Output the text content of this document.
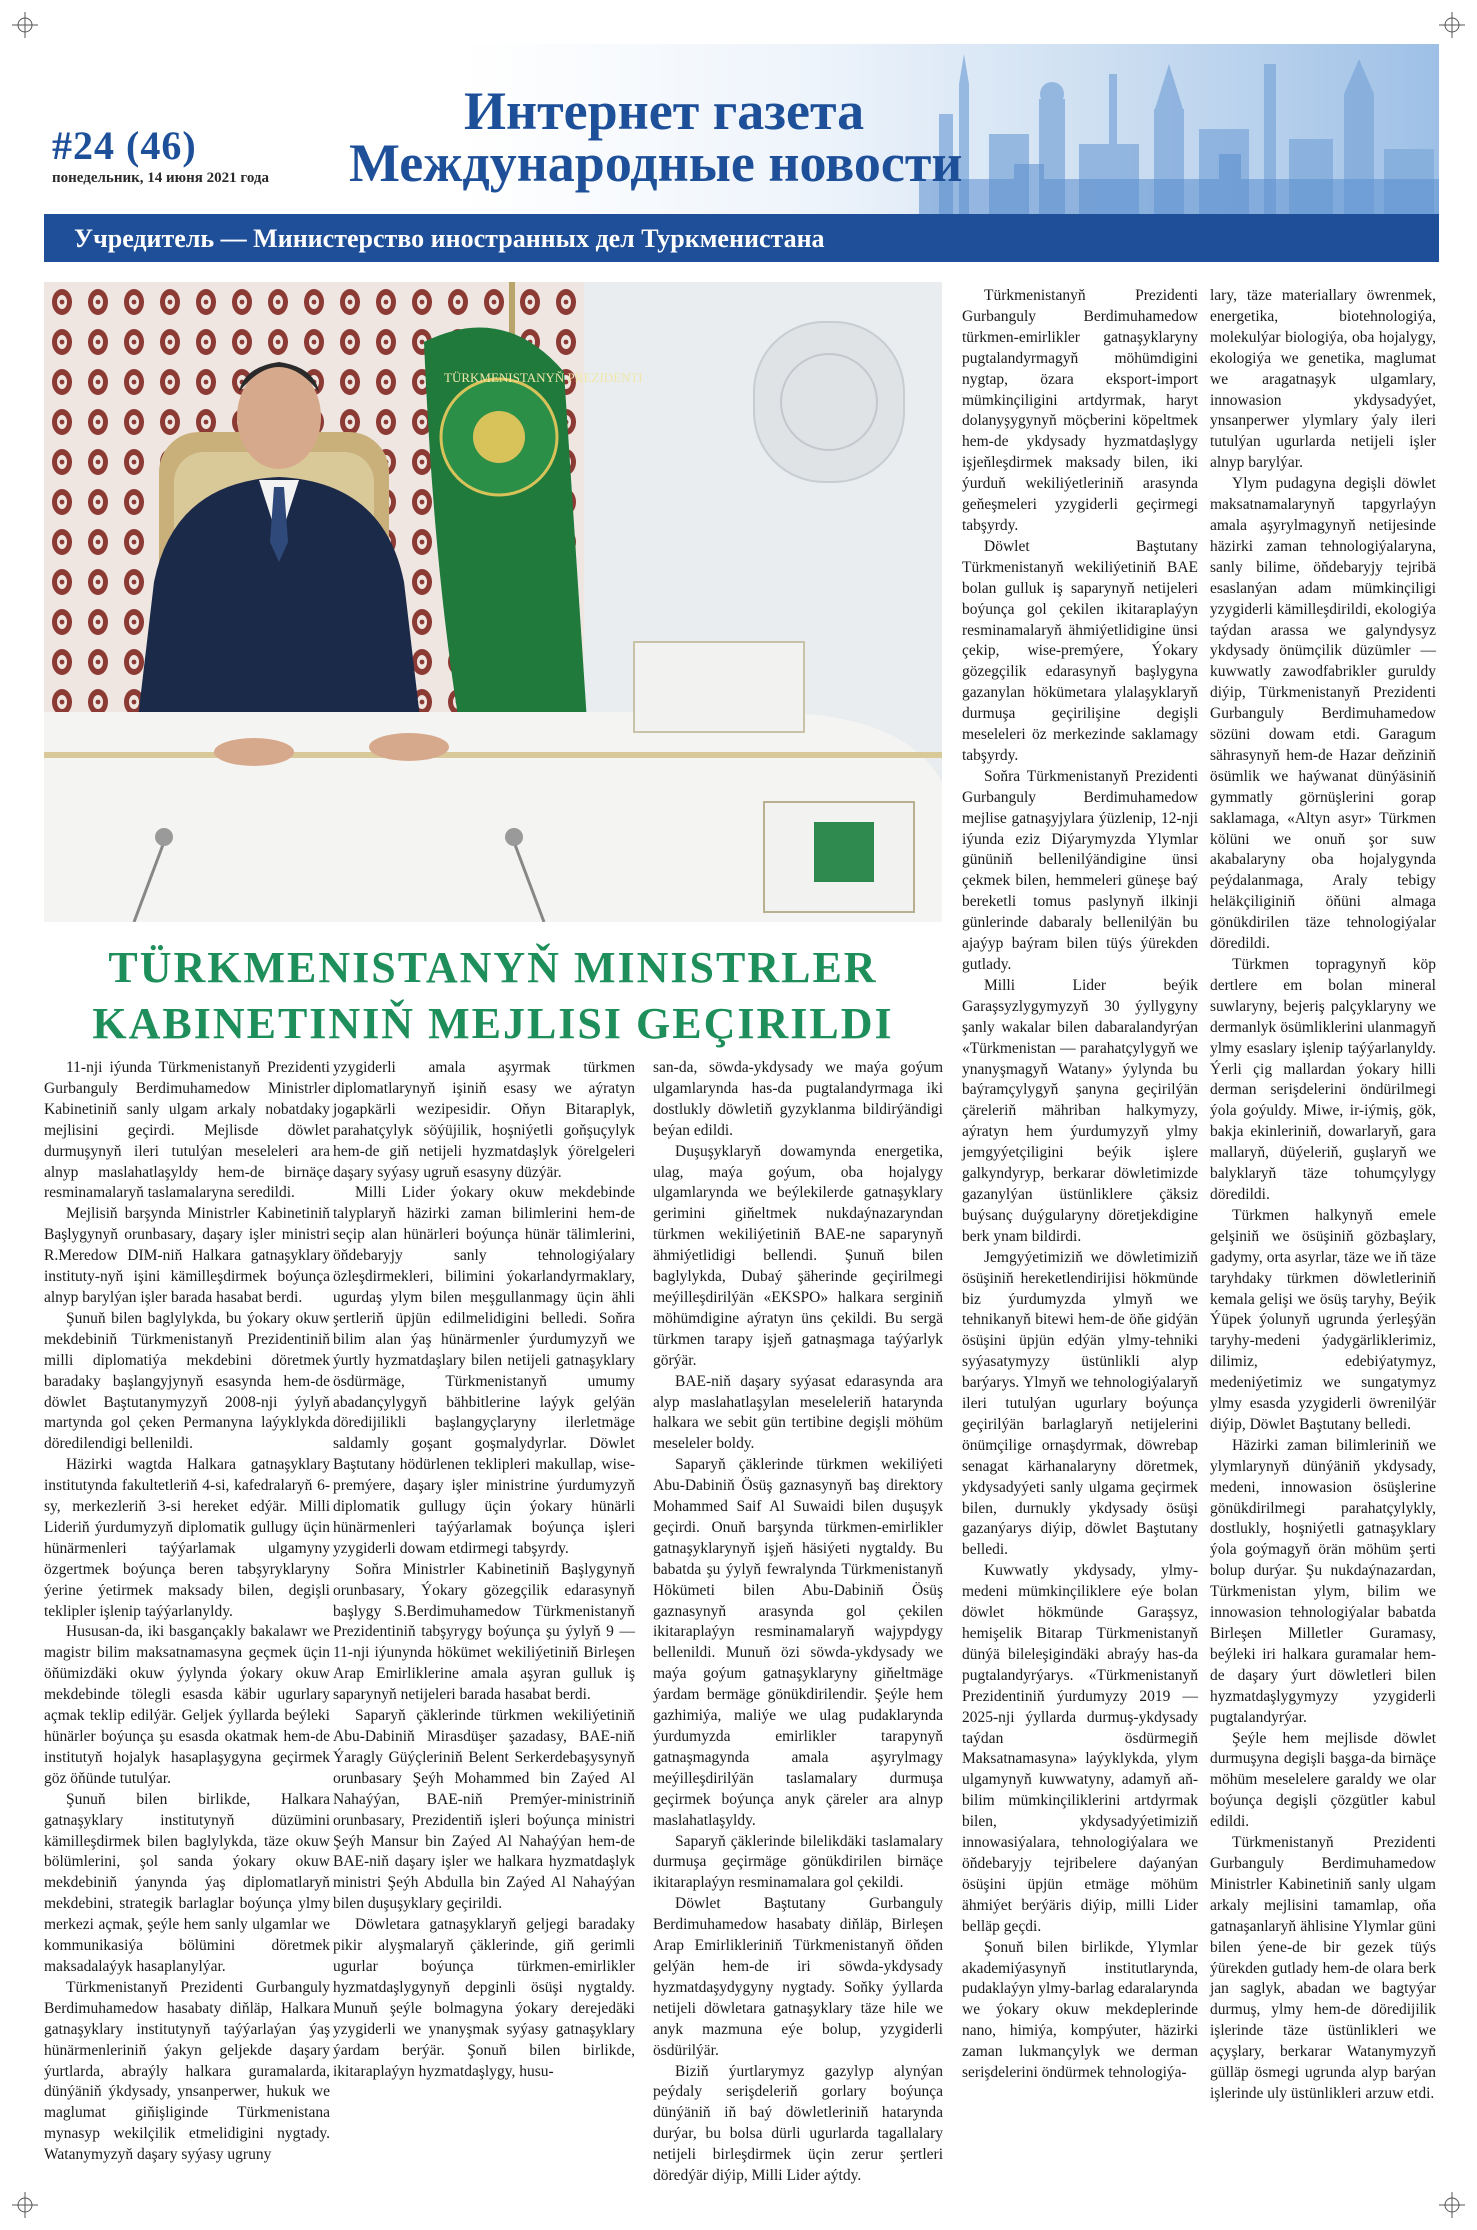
#24 (46)
понедельник, 14 июня 2021 года
Интернет газета
Международные новости
Учредитель — Министерство иностранных дел Туркменистана
TÜRKMENISTANYŇ PREZIDENTI
TÜRKMENISTANYŇ MINISTRLER
KABINETINIŇ MEJLISI GEÇIRILDI

11-nji iýunda Türkmenistanyň Prezidenti Gurbanguly Berdimuhamedow Ministrler Kabinetiniň sanly ulgam arkaly nobatdaky mejlisini geçirdi. Mejlisde döwlet durmuşynyň ileri tutulýan meseleleri ara alnyp maslahatlaşyldy hem-de birnäçe resminamalaryň taslamalaryna seredildi.

Mejlisiň barşynda Ministrler Kabinetiniň Başlygynyň orunbasary, daşary işler ministri R.Meredow DIM-niň Halkara gatnaşyklary instituty-nyň işini kämilleşdirmek boýunça alnyp barylýan işler barada hasabat berdi.

Şunuň bilen baglylykda, bu ýokary okuw mekdebiniň Türkmenistanyň Prezidentiniň milli diplomatiýa mekdebini döretmek baradaky başlangyjynyň esasynda hem-de döwlet Baştutanymyzyň 2008-nji ýylyň martynda gol çeken Permanyna laýyklykda döredilendigi bellenildi.

Häzirki wagtda Halkara gatnaşyklary institutynda fakultetleriň 4-si, kafedralaryň 6-sy, merkezleriň 3-si hereket edýär. Milli Lideriň ýurdumyzyň diplomatik gullugy üçin hünärmenleri taýýarlamak ulgamyny özgertmek boýunça beren tabşyryklaryny ýerine ýetirmek maksady bilen, degişli teklipler işlenip taýýarlanyldy.

Hususan-da, iki basgançakly bakalawr we magistr bilim maksatnamasyna geçmek üçin öňümizdäki okuw ýylynda ýokary okuw mekdebinde tölegli esasda käbir ugurlary açmak teklip edilýär. Geljek ýyllarda beýleki hünärler boýunça şu esasda okatmak hem-de institutyň hojalyk hasaplaşygyna geçirmek göz öňünde tutulýar.

Şunuň bilen birlikde, Halkara gatnaşyklary institutynyň düzümini kämilleşdirmek bilen baglylykda, täze okuw bölümlerini, şol sanda ýokary okuw mekdebiniň ýanynda ýaş diplomatlaryň mekdebini, strategik barlaglar boýunça ylmy merkezi açmak, şeýle hem sanly ulgamlar we kommunikasiýa bölümini döretmek maksadalaýyk hasaplanylýar.

Türkmenistanyň Prezidenti Gurbanguly Berdimuhamedow hasabaty diňläp, Halkara gatnaşyklary institutynyň taýýarlaýan ýaş hünärmenleriniň ýakyn geljekde daşary ýurtlarda, abraýly halkara guramalarda, dünýäniň ýkdysady, ynsanperwer, hukuk we maglumat giňişliginde Türkmenistana mynasyp wekilçilik etmelidigini nygtady. Watanymyzyň daşary syýasy ugruny

yzygiderli amala aşyrmak türkmen diplomatlarynyň işiniň esasy we aýratyn jogapkärli wezipesidir. Oňyn Bitaraplyk, parahatçylyk söýüjilik, hoşniýetli goňşuçylyk hem-de giň netijeli hyzmatdaşlyk ýörelgeleri daşary syýasy ugruň esasyny düzýär.

Milli Lider ýokary okuw mekdebinde talyplaryň häzirki zaman bilimlerini hem-de seçip alan hünärleri boýunça hünär tälimlerini, öňdebaryjy sanly tehnologiýalary özleşdirmekleri, bilimini ýokarlandyrmaklary, ugurdaş ylym bilen meşgullanmagy üçin ähli şertleriň üpjün edilmelidigini belledi. Soňra bilim alan ýaş hünärmenler ýurdumyzyň we ýurtly hyzmatdaşlary bilen netijeli gatnaşyklary ösdürmäge, Türkmenistanyň umumy abadançylygyň bähbitlerine laýyk gelýän döredijilikli başlangyçlaryny ilerletmäge saldamly goşant goşmalydyrlar. Döwlet Baştutany hödürlenen teklipleri makullap, wise-premýere, daşary işler ministrine ýurdumyzyň diplomatik gullugy üçin ýokary hünärli hünärmenleri taýýarlamak boýunça işleri yzygiderli dowam etdirmegi tabşyrdy.

Soňra Ministrler Kabinetiniň Başlygynyň orunbasary, Ýokary gözegçilik edarasynyň başlygy S.Berdimuhamedow Türkmenistanyň Prezidentiniň tabşyrygy boýunça şu ýylyň 9 — 11-nji iýunynda hökümet wekiliýetiniň Birleşen Arap Emirliklerine amala aşyran gulluk iş saparynyň netijeleri barada hasabat berdi.

Saparyň çäklerinde türkmen wekiliýetiniň Abu-Dabiniň Mirasdüşer şazadasy, BAE-niň Ýaragly Güýçleriniň Belent Serkerdebaşysynyň orunbasary Şeýh Mohammed bin Zaýed Al Nahaýýan, BAE-niň Premýer-ministriniň orunbasary, Prezidentiň işleri boýunça ministri Şeýh Mansur bin Zaýed Al Nahaýýan hem-de BAE-niň daşary işler we halkara hyzmatdaşlyk ministri Şeýh Abdulla bin Zaýed Al Nahaýýan bilen duşuşyklary geçirildi.

Döwletara gatnaşyklaryň geljegi baradaky pikir alyşmalaryň çäklerinde, giň gerimli ugurlar boýunça türkmen-emirlikler hyzmatdaşlygynyň depginli ösüşi nygtaldy. Munuň şeýle bolmagyna ýokary derejedäki yzygiderli we ynanyşmak syýasy gatnaşyklary ýardam berýär. Şonuň bilen birlikde, ikitaraplaýyn hyzmatdaşlygy, husu-

san-da, söwda-ykdysady we maýa goýum ulgamlarynda has-da pugtalandyrmaga iki dostlukly döwletiň gyzyklanma bildirýändigi beýan edildi.

Duşuşyklaryň dowamynda energetika, ulag, maýa goýum, oba hojalygy ulgamlarynda we beýlekilerde gatnaşyklary gerimini giňeltmek nukdaýnazaryndan türkmen wekiliýetiniň BAE-ne saparynyň ähmiýetlidigi bellendi. Şunuň bilen baglylykda, Dubaý şäherinde geçirilmegi meýilleşdirilýän «EKSPO» halkara serginiň möhümdigine aýratyn üns çekildi. Bu sergä türkmen tarapy işjeň gatnaşmaga taýýarlyk görýär.

BAE-niň daşary syýasat edarasynda ara alyp maslahatlaşylan meseleleriň hatarynda halkara we sebit gün tertibine degişli möhüm meseleler boldy.

Saparyň çäklerinde türkmen wekiliýeti Abu-Dabiniň Ösüş gaznasynyň baş direktory Mohammed Saif Al Suwaidi bilen duşuşyk geçirdi. Onuň barşynda türkmen-emirlikler gatnaşyklarynyň işjeň häsiýeti nygtaldy. Bu babatda şu ýylyň fewralynda Türkmenistanyň Hökümeti bilen Abu-Dabiniň Ösüş gaznasynyň arasynda gol çekilen ikitaraplaýyn resminamalaryň wajypdygy bellenildi. Munuň özi söwda-ykdysady we maýa goýum gatnaşyklaryny giňeltmäge ýardam bermäge gönükdirilendir. Şeýle hem gazhimiýa, maliýe we ulag pudaklarynda ýurdumyzda emirlikler tarapynyň gatnaşmagynda amala aşyrylmagy meýilleşdirilýän taslamalary durmuşa geçirmek boýunça anyk çäreler ara alnyp maslahatlaşyldy.

Saparyň çäklerinde bilelikdäki taslamalary durmuşa geçirmäge gönükdirilen birnäçe ikitaraplaýyn resminamalara gol çekildi.

Döwlet Baştutany Gurbanguly Berdimuhamedow hasabaty diňläp, Birleşen Arap Emirlikleriniň Türkmenistanyň öňden gelýän hem-de iri söwda-ykdysady hyzmatdaşydygyny nygtady. Soňky ýyllarda netijeli döwletara gatnaşyklary täze hile we anyk mazmuna eýe bolup, yzygiderli ösdürilýär.

Biziň ýurtlarymyz gazylyp alynýan peýdaly serişdeleriň gorlary boýunça dünýäniň iň baý döwletleriniň hatarynda durýar, bu bolsa dürli ugurlarda tagallalary netijeli birleşdirmek üçin zerur şertleri döredýär diýip, Milli Lider aýtdy.

Türkmenistanyň Prezidenti Gurbanguly Berdimuhamedow türkmen-emirlikler gatnaşyklaryny pugtalandyrmagyň möhümdigini nygtap, özara eksport-import mümkinçiligini artdyrmak, haryt dolanyşygynyň möçberini köpeltmek hem-de ykdysady hyzmatdaşlygy işjeňleşdirmek maksady bilen, iki ýurduň wekiliýetleriniň arasynda geňeşmeleri yzygiderli geçirmegi tabşyrdy.

Döwlet Baştutany Türkmenistanyň wekiliýetiniň BAE bolan gulluk iş saparynyň netijeleri boýunça gol çekilen ikitaraplaýyn resminamalaryň ähmiýetlidigine ünsi çekip, wise-premýere, Ýokary gözegçilik edarasynyň başlygyna gazanylan hökümetara ylalaşyklaryň durmuşa geçirilişine degişli meseleleri öz merkezinde saklamagy tabşyrdy.

Soňra Türkmenistanyň Prezidenti Gurbanguly Berdimuhamedow mejlise gatnaşyjylara ýüzlenip, 12-nji iýunda eziz Diýarymyzda Ylymlar gününiň bellenilýändigine ünsi çekmek bilen, hemmeleri güneşe baý bereketli tomus paslynyň ilkinji günlerinde dabaraly bellenilýän bu ajaýyp baýram bilen tüýs ýürekden gutlady.

Milli Lider beýik Garaşsyzlygymyzyň 30 ýyllygyny şanly wakalar bilen dabaralandyrýan «Türkmenistan — parahatçylygyň we ynanyşmagyň Watany» ýylynda bu baýramçylygyň şanyna geçirilýän çäreleriň mähriban halkymyzy, aýratyn hem ýurdumyzyň ylmy jemgyýetçiligini beýik işlere galkyndyryp, berkarar döwletimizde gazanylýan üstünliklere çäksiz buýsanç duýgularyny döretjekdigine berk ynam bildirdi.

Jemgyýetimiziň we döwletimiziň ösüşiniň hereketlendirijisi hökmünde biz ýurdumyzda ylmyň we tehnikanyň bitewi hem-de öňe gidýän ösüşini üpjün edýän ylmy-tehniki syýasatymyzy üstünlikli alyp barýarys. Ylmyň we tehnologiýalaryň ileri tutulýan ugurlary boýunça geçirilýän barlaglaryň netijelerini önümçilige ornaşdyrmak, döwrebap senagat kärhanalaryny döretmek, ykdysadyýeti sanly ulgama geçirmek bilen, durnukly ykdysady ösüşi gazanýarys diýip, döwlet Baştutany belledi.

Kuwwatly ykdysady, ylmy-medeni mümkinçiliklere eýe bolan döwlet hökmünde Garaşsyz, hemişelik Bitarap Türkmenistanyň dünýä bileleşigindäki abraýy has-da pugtalandyrýarys. «Türkmenistanyň Prezidentiniň ýurdumyzy 2019 — 2025-nji ýyllarda durmuş-ykdysady taýdan ösdürmegiň Maksatnamasyna» laýyklykda, ylym ulgamynyň kuwwatyny, adamyň aň-bilim mümkinçiliklerini artdyrmak bilen, ykdysadyýetimiziň innowasiýalara, tehnologiýalara we öňdebaryjy tejribelere daýanýan ösüşini üpjün etmäge möhüm ähmiýet berýäris diýip, milli Lider belläp geçdi.

Şonuň bilen birlikde, Ylymlar akademiýasynyň institutlarynda, pudaklaýyn ylmy-barlag edaralarynda we ýokary okuw mekdeplerinde nano, himiýa, kompýuter, häzirki zaman lukmançylyk we derman serişdelerini öndürmek tehnologiýa-

lary, täze materiallary öwrenmek, energetika, biotehnologiýa, molekulýar biologiýa, oba hojalygy, ekologiýa we genetika, maglumat we aragatnaşyk ulgamlary, innowasion ykdysadyýet, ynsanperwer ylymlary ýaly ileri tutulýan ugurlarda netijeli işler alnyp barylýar.

Ylym pudagyna degişli döwlet maksatnamalarynyň tapgyrlaýyn amala aşyrylmagynyň netijesinde häzirki zaman tehnologiýalaryna, sanly bilime, öňdebaryjy tejribä esaslanýan adam mümkinçiligi yzygiderli kämilleşdirildi, ekologiýa taýdan arassa we galyndysyz ykdysady önümçilik düzümler — kuwwatly zawodfabrikler guruldy diýip, Türkmenistanyň Prezidenti Gurbanguly Berdimuhamedow sözüni dowam etdi. Garagum sährasynyň hem-de Hazar deňziniň ösümlik we haýwanat dünýäsiniň gymmatly görnüşlerini gorap saklamaga, «Altyn asyr» Türkmen kölüni we onuň şor suw akabalaryny oba hojalygynda peýdalanmaga, Araly tebigy heläkçiliginiň öňüni almaga gönükdirilen täze tehnologiýalar döredildi.

Türkmen topragynyň köp dertlere em bolan mineral suwlaryny, bejeriş palçyklaryny we dermanlyk ösümliklerini ulanmagyň ylmy esaslary işlenip taýýarlanyldy. Ýerli çig mallardan ýokary hilli derman serişdelerini öndürilmegi ýola goýuldy. Miwe, ir-iýmiş, gök, bakja ekinleriniň, dowarlaryň, gara mallaryň, düýeleriň, guşlaryň we balyklaryň täze tohumçylygy döredildi.

Türkmen halkynyň emele gelşiniň we ösüşiniň gözbaşlary, gadymy, orta asyrlar, täze we iň täze taryhdaky türkmen döwletleriniň kemala gelişi we ösüş taryhy, Beýik Ýüpek ýolunyň ugrunda ýerleşýän taryhy-medeni ýadygärliklerimiz, dilimiz, edebiýatymyz, medeniýetimiz we sungatymyz ylmy esasda yzygiderli öwrenilýär diýip, Döwlet Baştutany belledi.

Häzirki zaman bilimleriniň we ylymlarynyň dünýäniň ykdysady, medeni, innowasion ösüşlerine gönükdirilmegi parahatçylykly, dostlukly, hoşniýetli gatnaşyklary ýola goýmagyň örän möhüm şerti bolup durýar. Şu nukdaýnazardan, Türkmenistan ylym, bilim we innowasion tehnologiýalar babatda Birleşen Milletler Guramasy, beýleki iri halkara guramalar hem-de daşary ýurt döwletleri bilen hyzmatdaşlygymyzy yzygiderli pugtalandyrýar.

Şeýle hem mejlisde döwlet durmuşyna degişli başga-da birnäçe möhüm meselelere garaldy we olar boýunça degişli çözgütler kabul edildi.

Türkmenistanyň Prezidenti Gurbanguly Berdimuhamedow Ministrler Kabinetiniň sanly ulgam arkaly mejlisini tamamlap, oňa gatnaşanlaryň ählisine Ylymlar güni bilen ýene-de bir gezek tüýs ýürekden gutlady hem-de olara berk jan saglyk, abadan we bagtyýar durmuş, ylmy hem-de döredijilik işlerinde täze üstünlikleri we açyşlary, berkarar Watanymyzyň gülläp ösmegi ugrunda alyp barýan işlerinde uly üstünlikleri arzuw etdi.
